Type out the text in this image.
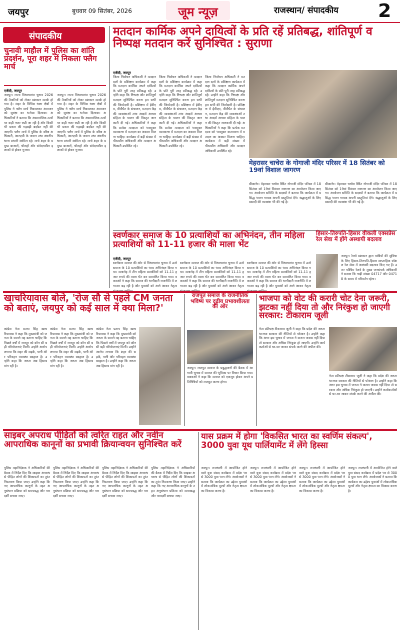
जयपुर	बुधवार 09 सितंबर, 2026	जूम न्यूज़	राजस्थान/ संपादकीय 2
संपादकीय
चुनावी माहौल में पुलिस का शांति प्रदर्शन, पूरा शहर में निकला फ्लैग मार्च
एजेंसी, जयपुर
जयपुर। राज्य विधानसभा चुनाव 2026 की तैयारियों को लेकर प्रशासन सतर्क हो गया है। शहर के विभिन्न थाना क्षेत्रों में पुलिस ने फ्लैग मार्च निकालकर आमजन को सुरक्षा का भरोसा दिलाया। अधिकारियों ने बताया कि असामाजिक तत्वों पर कड़ी नजर रखी जा रही है और किसी भी प्रकार की गड़बड़ी बर्दाश्त नहीं की जाएगी। फ्लैग मार्च में पुलिस के वरिष्ठ अधिकारी, आरएसी के जवान तथा स्थानीय थाना प्रभारी शामिल रहे। मार्च शहर के प्रमुख बाजारों, चौराहों और संवेदनशील इलाकों से होकर गुजरा।
जयपुर। राज्य विधानसभा चुनाव 2026 की तैयारियों को लेकर प्रशासन सतर्क हो गया है। शहर के विभिन्न थाना क्षेत्रों में पुलिस ने फ्लैग मार्च निकालकर आमजन को सुरक्षा का भरोसा दिलाया। अधिकारियों ने बताया कि असामाजिक तत्वों पर कड़ी नजर रखी जा रही है और किसी भी प्रकार की गड़बड़ी बर्दाश्त नहीं की जाएगी। फ्लैग मार्च में पुलिस के वरिष्ठ अधिकारी, आरएसी के जवान तथा स्थानीय थाना प्रभारी शामिल रहे। मार्च शहर के प्रमुख बाजारों, चौराहों और संवेदनशील इलाकों से होकर गुजरा।
मतदान कार्मिक अपने दायित्वों के प्रति रहें प्रतिबद्ध, शांतिपूर्ण व निष्पक्ष मतदान करें सुनिश्चित : सुराणा
एजेंसी, जयपुर
जिला निर्वाचन अधिकारी ने मतदान दलों के प्रशिक्षण कार्यक्रम में कहा कि मतदान कार्मिक अपने दायित्वों के प्रति पूरी तरह प्रतिबद्ध रहें। उन्होंने कहा कि निष्पक्ष और शांतिपूर्ण मतदान सुनिश्चित करना हम सभी की जिम्मेदारी है। प्रशिक्षण में ईवीएम, वीवीपैट के संचालन, मतदान केंद्र की व्यवस्थाओं तथा आदर्श आचार संहिता के पालन की विस्तृत जानकारी दी गई। अधिकारियों ने कहा कि प्रत्येक मतदाता को भयमुक्त वातावरण में मतदान का अवसर मिलना चाहिए। कार्यक्रम में बड़ी संख्या में पीठासीन अधिकारी और मतदान अधिकारी उपस्थित रहे।
जिला निर्वाचन अधिकारी ने मतदान दलों के प्रशिक्षण कार्यक्रम में कहा कि मतदान कार्मिक अपने दायित्वों के प्रति पूरी तरह प्रतिबद्ध रहें। उन्होंने कहा कि निष्पक्ष और शांतिपूर्ण मतदान सुनिश्चित करना हम सभी की जिम्मेदारी है। प्रशिक्षण में ईवीएम, वीवीपैट के संचालन, मतदान केंद्र की व्यवस्थाओं तथा आदर्श आचार संहिता के पालन की विस्तृत जानकारी दी गई। अधिकारियों ने कहा कि प्रत्येक मतदाता को भयमुक्त वातावरण में मतदान का अवसर मिलना चाहिए। कार्यक्रम में बड़ी संख्या में पीठासीन अधिकारी और मतदान अधिकारी उपस्थित रहे।
जिला निर्वाचन अधिकारी ने मतदान दलों के प्रशिक्षण कार्यक्रम में कहा कि मतदान कार्मिक अपने दायित्वों के प्रति पूरी तरह प्रतिबद्ध रहें। उन्होंने कहा कि निष्पक्ष और शांतिपूर्ण मतदान सुनिश्चित करना हम सभी की जिम्मेदारी है। प्रशिक्षण में ईवीएम, वीवीपैट के संचालन, मतदान केंद्र की व्यवस्थाओं तथा आदर्श आचार संहिता के पालन की विस्तृत जानकारी दी गई। अधिकारियों ने कहा कि प्रत्येक मतदाता को भयमुक्त वातावरण में मतदान का अवसर मिलना चाहिए। कार्यक्रम में बड़ी संख्या में पीठासीन अधिकारी और मतदान अधिकारी उपस्थित रहे।
मेहरासर चाचेरा के गोगाजी मंदिर परिसर में 18 सितंबर को 19वां विशाल जागरण
बीकानेर। मेहरासर चाचेरा स्थित गोगाजी मंदिर परिसर में 18 सितंबर को 19वां विशाल जागरण का आयोजन किया जाएगा। आयोजन समिति के सदस्यों ने बताया कि कार्यक्रम में प्रसिद्ध भजन गायक अपनी प्रस्तुतियां देंगे। श्रद्धालुओं के लिए प्रसादी की व्यवस्था भी की गई है।
बीकानेर। मेहरासर चाचेरा स्थित गोगाजी मंदिर परिसर में 18 सितंबर को 19वां विशाल जागरण का आयोजन किया जाएगा। आयोजन समिति के सदस्यों ने बताया कि कार्यक्रम में प्रसिद्ध भजन गायक अपनी प्रस्तुतियां देंगे। श्रद्धालुओं के लिए प्रसादी की व्यवस्था भी की गई है।
स्वर्णकार समाज के 10 प्रत्याशियों का अभिनंदन, तीन महिला प्रत्याशियों को 11-11 हजार की माला भेंट
एजेंसी, जयपुर
स्वर्णकार समाज की ओर से विधानसभा चुनाव में उतरे समाज के 10 प्रत्याशियों का भव्य अभिनंदन किया गया। समारोह में तीन महिला प्रत्याशियों को 11-11 हजार रुपये की माला भेंट कर सम्मानित किया गया। वक्ताओं ने कहा कि समाज की भागीदारी राजनीति में लगातार बढ़ रही है और युवाओं को आगे आकर नेतृत्व
स्वर्णकार समाज की ओर से विधानसभा चुनाव में उतरे समाज के 10 प्रत्याशियों का भव्य अभिनंदन किया गया। समारोह में तीन महिला प्रत्याशियों को 11-11 हजार रुपये की माला भेंट कर सम्मानित किया गया। वक्ताओं ने कहा कि समाज की भागीदारी राजनीति में लगातार बढ़ रही है और युवाओं को आगे आकर नेतृत्व
स्वर्णकार समाज की ओर से विधानसभा चुनाव में उतरे समाज के 10 प्रत्याशियों का भव्य अभिनंदन किया गया। समारोह में तीन महिला प्रत्याशियों को 11-11 हजार रुपये की माला भेंट कर सम्मानित किया गया। वक्ताओं ने कहा कि समाज की भागीदारी राजनीति में लगातार बढ़ रही है और युवाओं को आगे आकर नेतृत्व
हिसार-तिरुपति-हिसार वीकली एक्सप्रेस रेल सेवा में होंगे अस्थायी बदलाव
जयपुर। रेलवे प्रशासन द्वारा यात्रियों की सुविधा के लिए हिसार-तिरुपति-हिसार साप्ताहिक स्पेशल रेल सेवा में अस्थायी बदलाव किए गए हैं। उत्तर पश्चिम रेलवे के मुख्य जनसंपर्क अधिकारी ने बताया कि गाड़ी संख्या 04717 और 04718 के समय में परिवर्तन रहेगा।
खाचरियावास बोले, 'रोज सौ से पहले CM जनता को बताएं, जयपुर को कई साल में क्या मिला?'
कांग्रेस नेता प्रताप सिंह खाचरियावास ने कहा कि मुख्यमंत्री को जनता के सामने यह बताना चाहिए कि पिछले वर्षों में जयपुर को कौन सी बड़ी परियोजनाएं मिलीं। उन्होंने आरोप लगाया कि शहर की सड़कें, पानी और परिवहन व्यवस्था बदहाल है। उन्होंने कहा कि जनता अब हिसाब मांग रही है।
कांग्रेस नेता प्रताप सिंह खाचरियावास ने कहा कि मुख्यमंत्री को जनता के सामने यह बताना चाहिए कि पिछले वर्षों में जयपुर को कौन सी बड़ी परियोजनाएं मिलीं। उन्होंने आरोप लगाया कि शहर की सड़कें, पानी और परिवहन व्यवस्था बदहाल है। उन्होंने कहा कि जनता अब हिसाब मांग रही है।
कांग्रेस नेता प्रताप सिंह खाचरियावास ने कहा कि मुख्यमंत्री को जनता के सामने यह बताना चाहिए कि पिछले वर्षों में जयपुर को कौन सी बड़ी परियोजनाएं मिलीं। उन्होंने आरोप लगाया कि शहर की सड़कें, पानी और परिवहन व्यवस्था बदहाल है। उन्होंने कहा कि जनता अब हिसाब मांग रही है।
राजपूत समाज के राजनीतिक भविष्य पर दृढ़ीय प्रभावशीलता की ओर
जयपुर। राजपूत समाज के प्रबुद्धजनों की बैठक में आगामी चुनाव में समाज की भूमिका पर विचार किया गया। वक्ताओं ने कहा कि समाज को एकजुट होकर अपने प्रतिनिधियों को मजबूत करना होगा।
भाजपा को वोट की करारी चोट देना जरूरी, झटका नहीं दिया तो और निरंकुश हो जाएगी सरकार: टीकाराम जूली
नेता प्रतिपक्ष टीकाराम जूली ने कहा कि प्रदेश की जनता भाजपा सरकार की नीतियों से परेशान है। उन्होंने कहा कि अगर इस चुनाव में जनता ने करारा जवाब नहीं दिया तो सरकार और अधिक निरंकुश हो जाएगी। उन्होंने कार्यकर्ताओं से घर-घर जाकर संपर्क करने की अपील की।
नेता प्रतिपक्ष टीकाराम जूली ने कहा कि प्रदेश की जनता भाजपा सरकार की नीतियों से परेशान है। उन्होंने कहा कि अगर इस चुनाव में जनता ने करारा जवाब नहीं दिया तो सरकार और अधिक निरंकुश हो जाएगी। उन्होंने कार्यकर्ताओं से घर-घर जाकर संपर्क करने की अपील की।
साइबर अपराध पीड़ितों को त्वरित राहत और नवीन आपराधिक कानूनों का प्रभावी क्रियान्वयन सुनिश्चित करें
पुलिस महानिदेशक ने अधिकारियों की बैठक में निर्देश दिए कि साइबर अपराध से पीड़ित लोगों की शिकायतों का तुरंत निस्तारण किया जाए। उन्होंने कहा कि नए आपराधिक कानूनों के तहत अनुसंधान प्रक्रिया को समयबद्ध और पारदर्शी बनाया जाए।
पुलिस महानिदेशक ने अधिकारियों की बैठक में निर्देश दिए कि साइबर अपराध से पीड़ित लोगों की शिकायतों का तुरंत निस्तारण किया जाए। उन्होंने कहा कि नए आपराधिक कानूनों के तहत अनुसंधान प्रक्रिया को समयबद्ध और पारदर्शी बनाया जाए।
पुलिस महानिदेशक ने अधिकारियों की बैठक में निर्देश दिए कि साइबर अपराध से पीड़ित लोगों की शिकायतों का तुरंत निस्तारण किया जाए। उन्होंने कहा कि नए आपराधिक कानूनों के तहत अनुसंधान प्रक्रिया को समयबद्ध और पारदर्शी बनाया जाए।
पुलिस महानिदेशक ने अधिकारियों की बैठक में निर्देश दिए कि साइबर अपराध से पीड़ित लोगों की शिकायतों का तुरंत निस्तारण किया जाए। उन्होंने कहा कि नए आपराधिक कानूनों के तहत अनुसंधान प्रक्रिया को समयबद्ध और पारदर्शी बनाया जाए।
यास प्रक्रम में होगा 'विकसित भारत का स्वर्णिम संकल्प', 3000 युवा यूथ पार्लियामेंट में लेंगे हिस्सा
जयपुर। राजधानी में आयोजित होने वाले युवा संसद कार्यक्रम में प्रदेश भर से 3000 युवा भाग लेंगे। आयोजकों ने बताया कि कार्यक्रम का उद्देश्य युवाओं में लोकतांत्रिक मूल्यों और नेतृत्व क्षमता का विकास करना है।
जयपुर। राजधानी में आयोजित होने वाले युवा संसद कार्यक्रम में प्रदेश भर से 3000 युवा भाग लेंगे। आयोजकों ने बताया कि कार्यक्रम का उद्देश्य युवाओं में लोकतांत्रिक मूल्यों और नेतृत्व क्षमता का विकास करना है।
जयपुर। राजधानी में आयोजित होने वाले युवा संसद कार्यक्रम में प्रदेश भर से 3000 युवा भाग लेंगे। आयोजकों ने बताया कि कार्यक्रम का उद्देश्य युवाओं में लोकतांत्रिक मूल्यों और नेतृत्व क्षमता का विकास करना है।
जयपुर। राजधानी में आयोजित होने वाले युवा संसद कार्यक्रम में प्रदेश भर से 3000 युवा भाग लेंगे। आयोजकों ने बताया कि कार्यक्रम का उद्देश्य युवाओं में लोकतांत्रिक मूल्यों और नेतृत्व क्षमता का विकास करना है।
